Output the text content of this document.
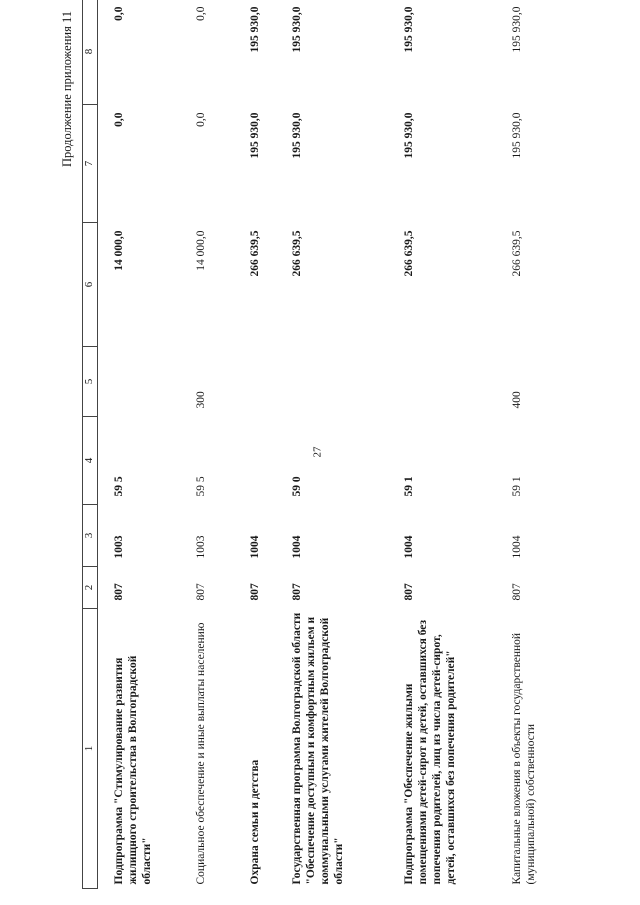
27
Продолжение приложения 11
1	2	3	4	5	6	7	8
Подпрограмма "Стимулирование развития жилищного строительства в Волгоградской области"	807	1003	59 5		14 000,0	0,0	0,0
Социальное обеспечение и иные выплаты населению	807	1003	59 5	300	14 000,0	0,0	0,0
Охрана семьи и детства	807	1004			266 639,5	195 930,0	195 930,0
Государственная программа Волгоградской области "Обеспечение доступным и комфортным жильем и коммунальными услугами жителей Волгоградской области"	807	1004	59 0		266 639,5	195 930,0	195 930,0
Подпрограмма "Обеспечение жилыми помещениями детей-сирот и детей, оставшихся без попечения родителей, лиц из числа детей-сирот, детей, оставшихся без попечения родителей"	807	1004	59 1		266 639,5	195 930,0	195 930,0
Капитальные вложения в объекты государственной (муниципальной) собственности	807	1004	59 1	400	266 639,5	195 930,0	195 930,0
